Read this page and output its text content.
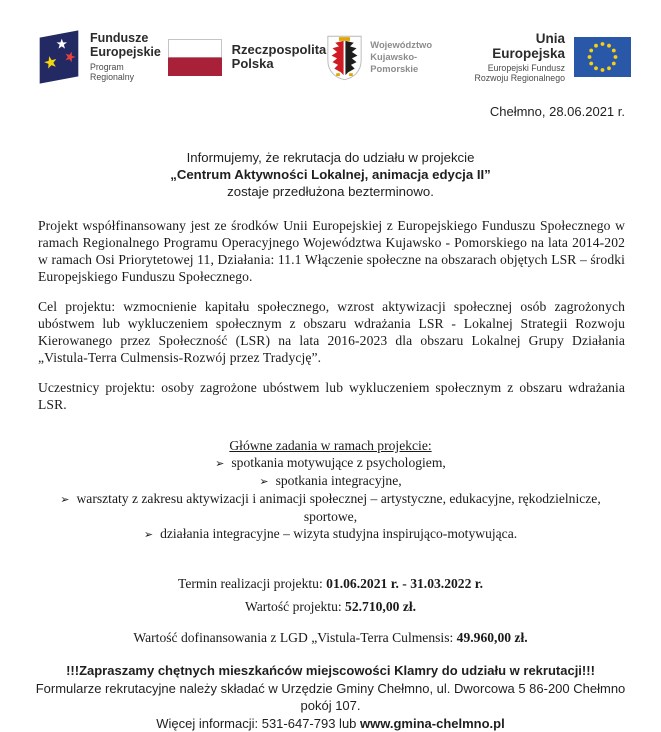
Fundusze
Europejskie
Program Regionalny
Rzeczpospolita
Polska
Województwo
Kujawsko-Pomorskie
Unia Europejska
Europejski Fundusz
Rozwoju Regionalnego
Chełmno, 28.06.2021 r.
Informujemy, że rekrutacja do udziału w projekcie
„Centrum Aktywności Lokalnej, animacja edycja II”
zostaje przedłużona bezterminowo.

Projekt współfinansowany jest ze środków Unii Europejskiej z Europejskiego Funduszu Społecznego w ramach Regionalnego Programu Operacyjnego Województwa Kujawsko - Pomorskiego na lata 2014-202 w ramach Osi Priorytetowej 11, Działania: 11.1 Włączenie społeczne na obszarach objętych LSR – środki Europejskiego Funduszu Społecznego.

Cel projektu: wzmocnienie kapitału społecznego, wzrost aktywizacji społecznej osób zagrożonych ubóstwem lub wykluczeniem społecznym z obszaru wdrażania LSR - Lokalnej Strategii Rozwoju Kierowanego przez Społeczność (LSR) na lata 2016-2023 dla obszaru Lokalnej Grupy Działania „Vistula-Terra Culmensis-Rozwój przez Tradycję”.

Uczestnicy projektu: osoby zagrożone ubóstwem lub wykluczeniem społecznym z obszaru wdrażania LSR.

Główne zadania w ramach projekcie:
➢ spotkania motywujące z psychologiem,
➢ spotkania integracyjne,
➢ warsztaty z zakresu aktywizacji i animacji społecznej – artystyczne, edukacyjne, rękodzielnicze, sportowe,
➢ działania integracyjne – wizyta studyjna inspirująco-motywująca.
Termin realizacji projektu: 01.06.2021 r. - 31.03.2022 r.
Wartość projektu: 52.710,00 zł.
Wartość dofinansowania z LGD „Vistula-Terra Culmensis: 49.960,00 zł.
!!!Zapraszamy chętnych mieszkańców miejscowości Klamry do udziału w rekrutacji!!!
Formularze rekrutacyjne należy składać w Urzędzie Gminy Chełmno, ul. Dworcowa 5 86-200 Chełmno
pokój 107.
Więcej informacji: 531-647-793 lub www.gmina-chelmno.pl
